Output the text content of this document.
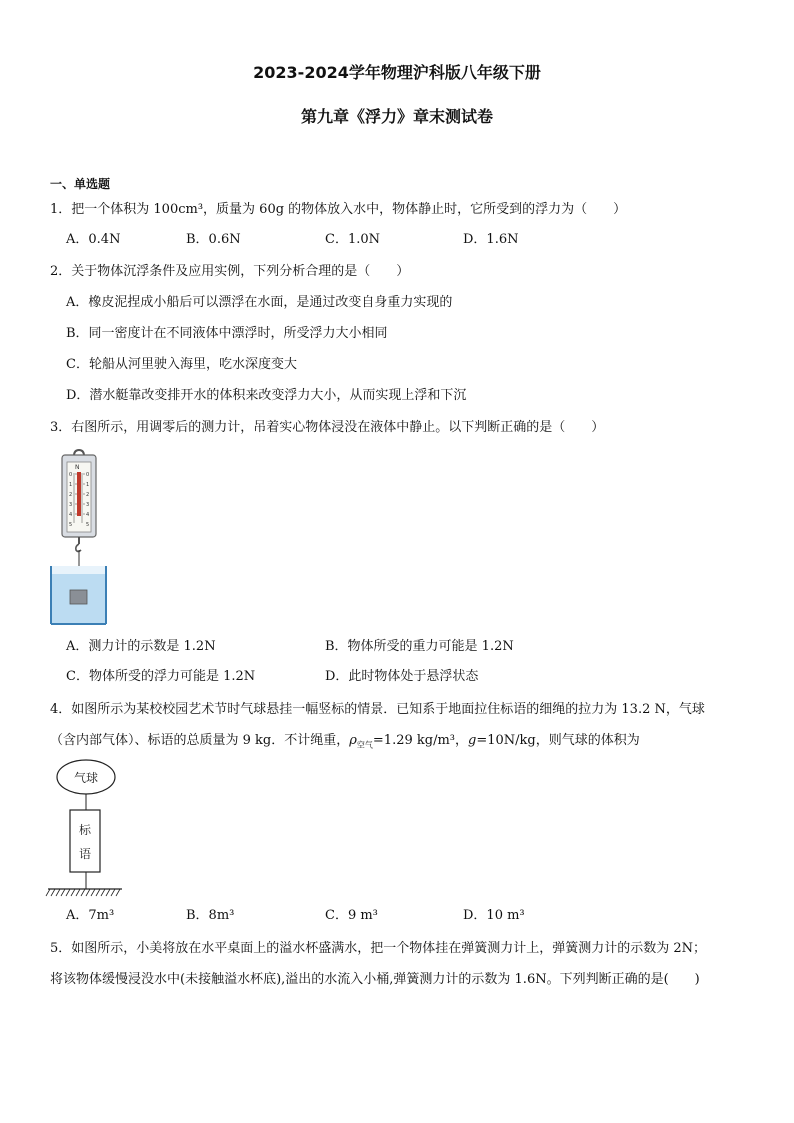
2023-2024学年物理沪科版八年级下册
第九章《浮力》章末测试卷
一、单选题
1．把一个体积为 100cm³，质量为 60g 的物体放入水中，物体静止时，它所受到的浮力为（　　）
A．0.4N	B．0.6N	C．1.0N	D．1.6N
2．关于物体沉浮条件及应用实例，下列分析合理的是（　　）
A．橡皮泥捏成小船后可以漂浮在水面，是通过改变自身重力实现的
B．同一密度计在不同液体中漂浮时，所受浮力大小相同
C．轮船从河里驶入海里，吃水深度变大
D．潜水艇靠改变排开水的体积来改变浮力大小，从而实现上浮和下沉
3．右图所示，用调零后的测力计，吊着实心物体浸没在液体中静止。以下判断正确的是（　　）
N
0	0
1	1
2	2
3	3
4	4
5	5
A．测力计的示数是 1.2N	B．物体所受的重力可能是 1.2N
C．物体所受的浮力可能是 1.2N	D．此时物体处于悬浮状态
4．如图所示为某校校园艺术节时气球悬挂一幅竖标的情景．已知系于地面拉住标语的细绳的拉力为 13.2 N，气球
（含内部气体）、标语的总质量为 9 kg．不计绳重，$\rho_{空气}=1.29$ kg/m³，g=10N/kg，则气球的体积为
气球
标
语
A．7m³	B．8m³	C．9 m³	D．10 m³
5．如图所示，小美将放在水平桌面上的溢水杯盛满水，把一个物体挂在弹簧测力计上，弹簧测力计的示数为 2N；
将该物体缓慢浸没水中(未接触溢水杯底),溢出的水流入小桶,弹簧测力计的示数为 1.6N。下列判断正确的是(　　)
